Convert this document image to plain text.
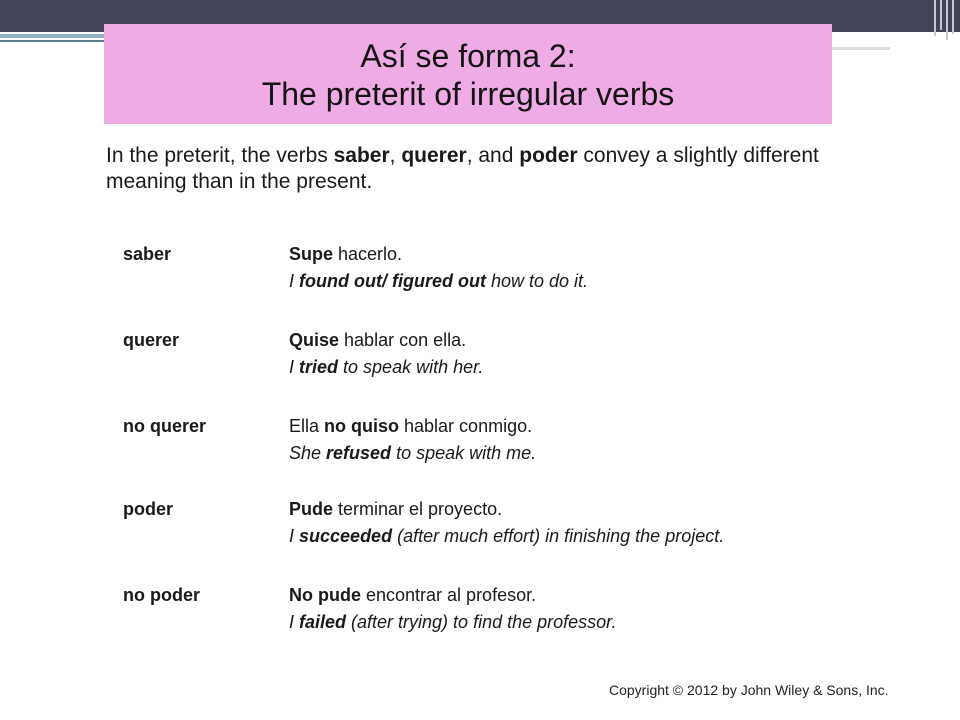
Así se forma 2:
The preterit of irregular verbs
In the preterit, the verbs saber, querer, and poder convey a slightly different meaning than in the present.
saber	Supe hacerlo.
I found out/ figured out how to do it.
querer	Quise hablar con ella.
I tried to speak with her.
no querer	Ella no quiso hablar conmigo.
She refused to speak with me.
poder	Pude terminar el proyecto.
I succeeded (after much effort) in finishing the project.
no poder	No pude encontrar al profesor.
I failed (after trying) to find the professor.
Copyright © 2012 by John Wiley & Sons, Inc.
